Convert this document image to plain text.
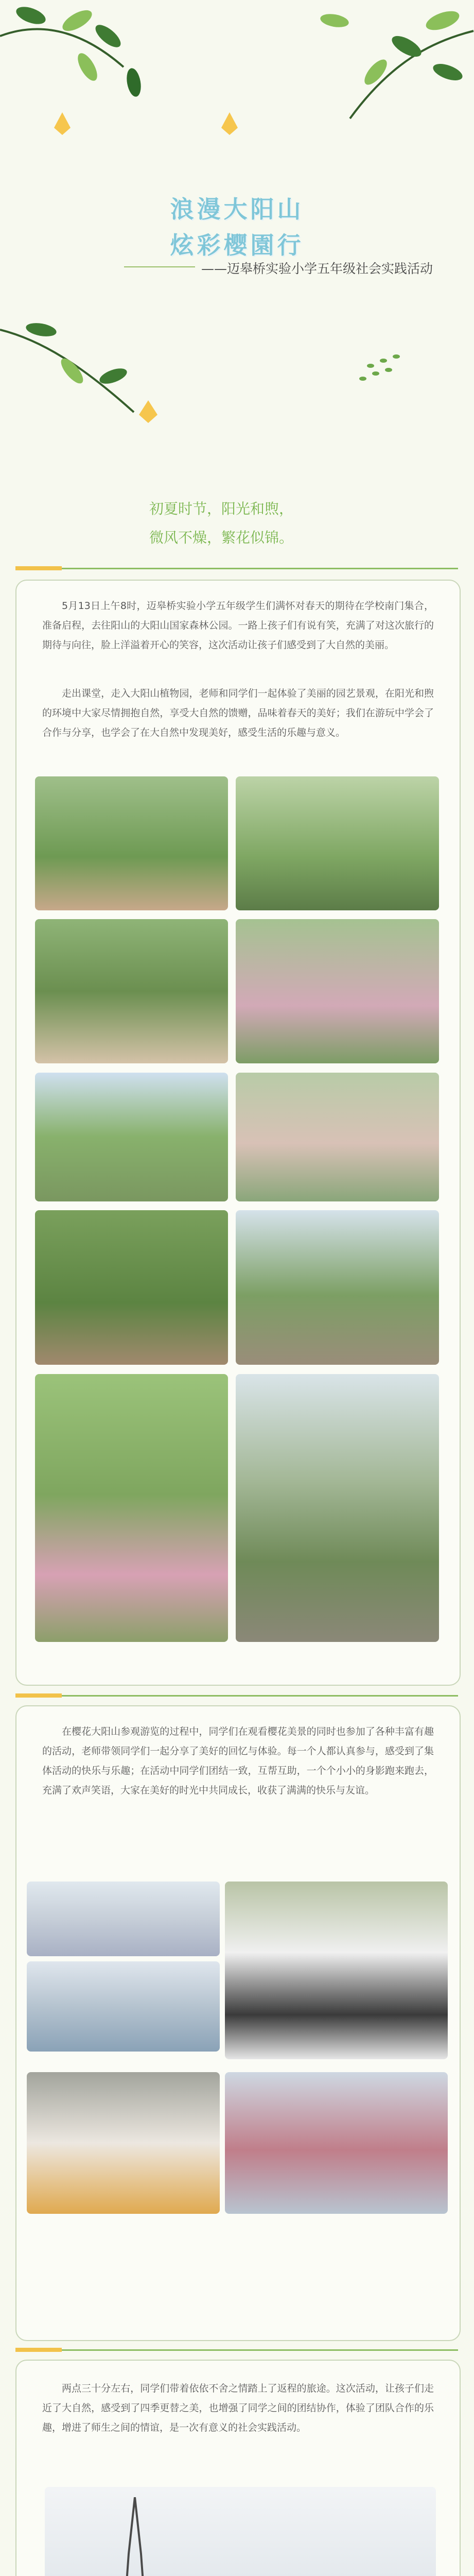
浪漫大阳山
炫彩樱園行
——迈皋桥实验小学五年级社会实践活动
初夏时节，阳光和煦，
微风不燥，繁花似锦。
5月13日上午8时，迈皋桥实验小学五年级学生们满怀对春天的期待在学校南门集合，准备启程，去往阳山的大阳山国家森林公园。一路上孩子们有说有笑，充满了对这次旅行的期待与向往，脸上洋溢着开心的笑容，这次活动让孩子们感受到了大自然的美丽。
走出课堂，走入大阳山植物园，老师和同学们一起体验了美丽的园艺景观，在阳光和煦的环境中大家尽情拥抱自然，享受大自然的馈赠，品味着春天的美好；我们在游玩中学会了合作与分享，也学会了在大自然中发现美好，感受生活的乐趣与意义。
在樱花大阳山参观游览的过程中，同学们在观看樱花美景的同时也参加了各种丰富有趣的活动，老师带领同学们一起分享了美好的回忆与体验。每一个人都认真参与，感受到了集体活动的快乐与乐趣；在活动中同学们团结一致，互帮互助，一个个小小的身影跑来跑去，充满了欢声笑语，大家在美好的时光中共同成长，收获了满满的快乐与友谊。
两点三十分左右，同学们带着依依不舍之情踏上了返程的旅途。这次活动，让孩子们走近了大自然，感受到了四季更替之美，也增强了同学之间的团结协作，体验了团队合作的乐趣，增进了师生之间的情谊，是一次有意义的社会实践活动。
